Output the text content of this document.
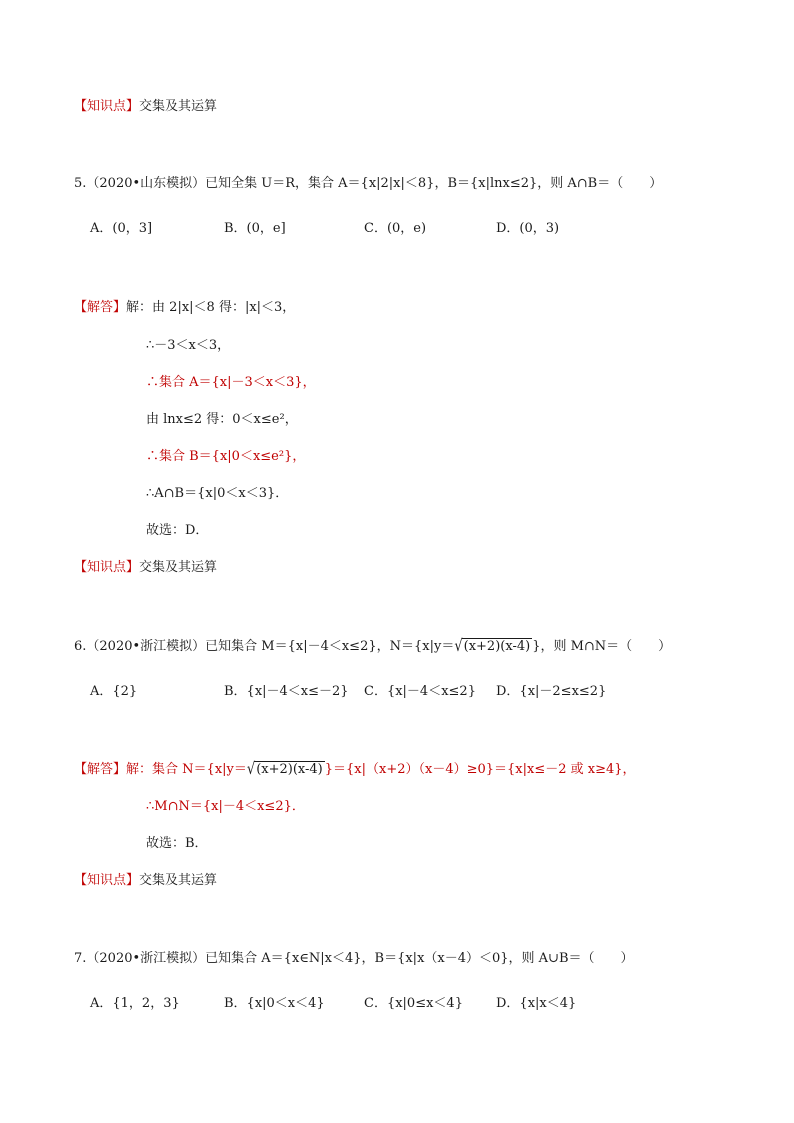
【知识点】交集及其运算
5.（2020•山东模拟）已知全集 U＝R，集合 A＝{x|2|x|＜8}，B＝{x|lnx≤2}，则 A∩B＝（　　）
A．(0，3]	B．(0，e]	C．(0，e)	D．(0，3)
【解答】解：由 2|x|＜8 得：|x|＜3，
∴－3＜x＜3，
∴集合 A＝{x|－3＜x＜3}，
由 lnx≤2 得：0＜x≤e²，
∴集合 B＝{x|0＜x≤e²}，
∴A∩B＝{x|0＜x＜3}．
故选：D．
【知识点】交集及其运算
6.（2020•浙江模拟）已知集合 M＝{x|－4＜x≤2}，N＝{x|y＝√(x+2)(x-4) }，则 M∩N＝（　　）
A．{2}	B．{x|－4＜x≤－2} C．{x|－4＜x≤2} D．{x|－2≤x≤2}
【解答】解：集合 N＝{x|y＝√(x+2)(x-4) }＝{x|（x+2）（x－4）≥0}＝{x|x≤－2 或 x≥4}，
∴M∩N＝{x|－4＜x≤2}．
故选：B．
【知识点】交集及其运算
7.（2020•浙江模拟）已知集合 A＝{x∈N|x＜4}，B＝{x|x（x－4）＜0}，则 A∪B＝（　　）
A．{1，2，3}	B．{x|0＜x＜4}	C．{x|0≤x＜4}	D．{x|x＜4}
